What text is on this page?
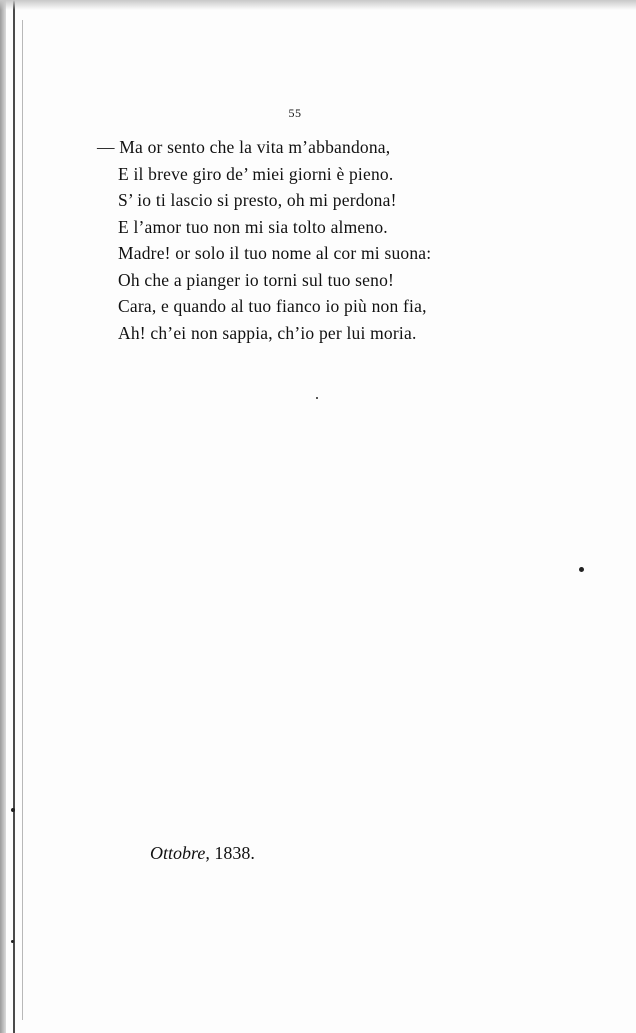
55
— Ma or sento che la vita m’abbandona,
E il breve giro de’ miei giorni è pieno.
S’ io ti lascio si presto, oh mi perdona!
E l’amor tuo non mi sia tolto almeno.
Madre! or solo il tuo nome al cor mi suona:
Oh che a pianger io torni sul tuo seno!
Cara, e quando al tuo fianco io più non fia,
Ah! ch’ei non sappia, ch’io per lui moria.
Ottobre, 1838.
